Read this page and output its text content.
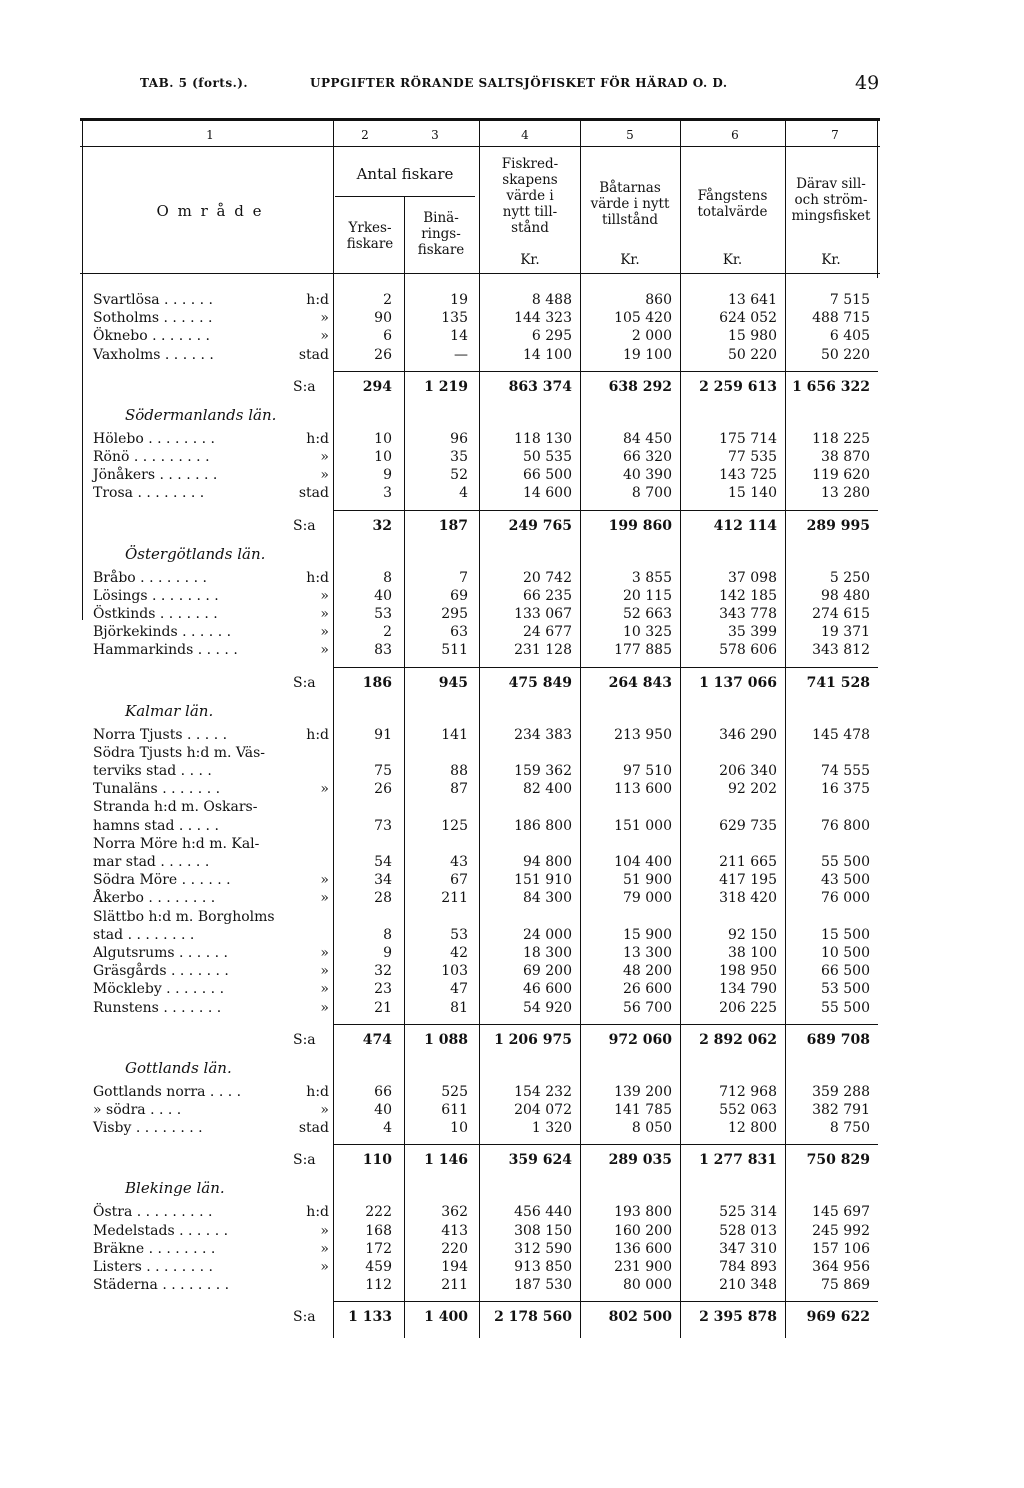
TAB. 5 (forts.).	UPPGIFTER RÖRANDE SALTSJÖFISKET FÖR HÄRAD O. D.	49
1	2	3	4	5	6	7
O m r å d e
Antal fiskare
Yrkes-
fiskare
Binä-
rings-
fiskare
Fiskred-
skapens
värde i
nytt till-
stånd
Båtarnas
värde i nytt
tillstånd
Fångstens
totalvärde
Därav sill-
och ström-
mingsfisket
Kr.	Kr.	Kr.	Kr.
Svartlösa . . . . . .	h:d	2	19	8 488	860	13 641	7 515
Sotholms . . . . . .	»	90	135	144 323	105 420	624 052	488 715
Öknebo . . . . . . .	»	6	14	6 295	2 000	15 980	6 405
Vaxholms . . . . . .	stad	26	—	14 100	19 100	50 220	50 220
S:a	294	1 219	863 374	638 292	2 259 613	1 656 322
Södermanlands län.
Hölebo . . . . . . . .	h:d	10	96	118 130	84 450	175 714	118 225
Rönö . . . . . . . . .	»	10	35	50 535	66 320	77 535	38 870
Jönåkers . . . . . . .	»	9	52	66 500	40 390	143 725	119 620
Trosa . . . . . . . .	stad	3	4	14 600	8 700	15 140	13 280
S:a	32	187	249 765	199 860	412 114	289 995
Östergötlands län.
Bråbo . . . . . . . .	h:d	8	7	20 742	3 855	37 098	5 250
Lösings . . . . . . . .	»	40	69	66 235	20 115	142 185	98 480
Östkinds . . . . . . .	»	53	295	133 067	52 663	343 778	274 615
Björkekinds . . . . . .	»	2	63	24 677	10 325	35 399	19 371
Hammarkinds . . . . .	»	83	511	231 128	177 885	578 606	343 812
S:a	186	945	475 849	264 843	1 137 066	741 528
Kalmar län.
Norra Tjusts . . . . .	h:d	91	141	234 383	213 950	346 290	145 478
Södra Tjusts h:d m. Väs-
terviks stad . . . .	75	88	159 362	97 510	206 340	74 555
Tunaläns . . . . . . .	»	26	87	82 400	113 600	92 202	16 375
Stranda h:d m. Oskars-
hamns stad . . . . .	73	125	186 800	151 000	629 735	76 800
Norra Möre h:d m. Kal-
mar stad . . . . . .	54	43	94 800	104 400	211 665	55 500
Södra Möre . . . . . .	»	34	67	151 910	51 900	417 195	43 500
Åkerbo . . . . . . . .	»	28	211	84 300	79 000	318 420	76 000
Slättbo h:d m. Borgholms
stad . . . . . . . .	8	53	24 000	15 900	92 150	15 500
Algutsrums . . . . . .	»	9	42	18 300	13 300	38 100	10 500
Gräsgårds . . . . . . .	»	32	103	69 200	48 200	198 950	66 500
Möckleby . . . . . . .	»	23	47	46 600	26 600	134 790	53 500
Runstens . . . . . . .	»	21	81	54 920	56 700	206 225	55 500
S:a	474	1 088	1 206 975	972 060	2 892 062	689 708
Gottlands län.
Gottlands norra . . . .	h:d	66	525	154 232	139 200	712 968	359 288
» södra . . . .	»	40	611	204 072	141 785	552 063	382 791
Visby . . . . . . . .	stad	4	10	1 320	8 050	12 800	8 750
S:a	110	1 146	359 624	289 035	1 277 831	750 829
Blekinge län.
Östra . . . . . . . . .	h:d	222	362	456 440	193 800	525 314	145 697
Medelstads . . . . . .	»	168	413	308 150	160 200	528 013	245 992
Bräkne . . . . . . . .	»	172	220	312 590	136 600	347 310	157 106
Listers . . . . . . . .	»	459	194	913 850	231 900	784 893	364 956
Städerna . . . . . . . .	112	211	187 530	80 000	210 348	75 869
S:a	1 133	1 400	2 178 560	802 500	2 395 878	969 622
